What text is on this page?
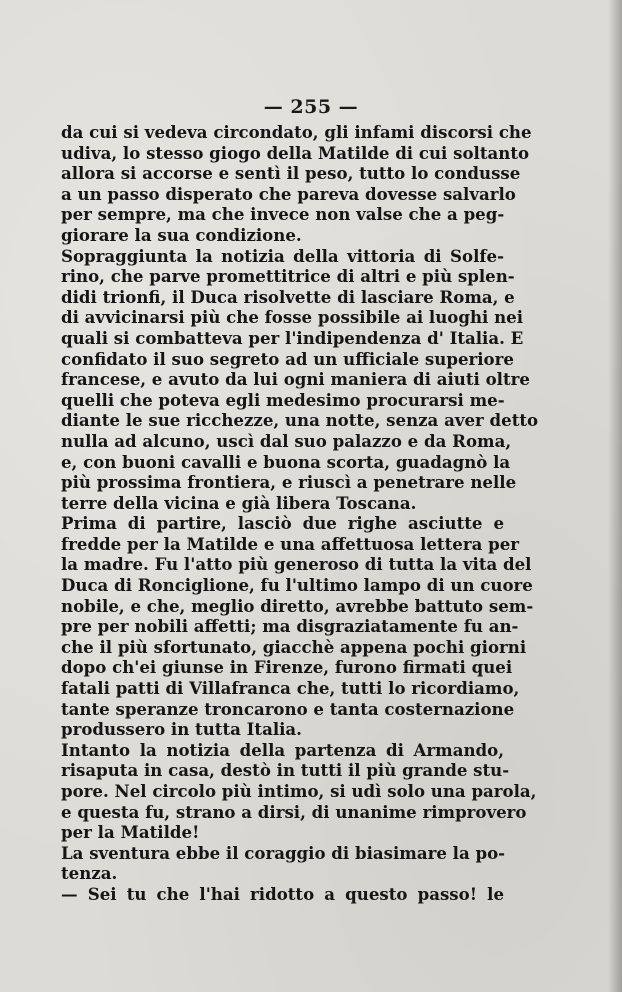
— 255 —
da cui si vedeva circondato, gli infami discorsi che
udiva, lo stesso giogo della Matilde di cui soltanto
allora si accorse e sentì il peso, tutto lo condusse
a un passo disperato che pareva dovesse salvarlo
per sempre, ma che invece non valse che a peg-
giorare la sua condizione.
Sopraggiunta la notizia della vittoria di Solfe-
rino, che parve promettitrice di altri e più splen-
didi trionfi, il Duca risolvette di lasciare Roma, e
di avvicinarsi più che fosse possibile ai luoghi nei
quali si combatteva per l'indipendenza d' Italia. E
confidato il suo segreto ad un ufficiale superiore
francese, e avuto da lui ogni maniera di aiuti oltre
quelli che poteva egli medesimo procurarsi me-
diante le sue ricchezze, una notte, senza aver detto
nulla ad alcuno, uscì dal suo palazzo e da Roma,
e, con buoni cavalli e buona scorta, guadagnò la
più prossima frontiera, e riuscì a penetrare nelle
terre della vicina e già libera Toscana.
Prima di partire, lasciò due righe asciutte e
fredde per la Matilde e una affettuosa lettera per
la madre. Fu l'atto più generoso di tutta la vita del
Duca di Ronciglione, fu l'ultimo lampo di un cuore
nobile, e che, meglio diretto, avrebbe battuto sem-
pre per nobili affetti; ma disgraziatamente fu an-
che il più sfortunato, giacchè appena pochi giorni
dopo ch'ei giunse in Firenze, furono firmati quei
fatali patti di Villafranca che, tutti lo ricordiamo,
tante speranze troncarono e tanta costernazione
produssero in tutta Italia.
Intanto la notizia della partenza di Armando,
risaputa in casa, destò in tutti il più grande stu-
pore. Nel circolo più intimo, si udì solo una parola,
e questa fu, strano a dirsi, di unanime rimprovero
per la Matilde!
La sventura ebbe il coraggio di biasimare la po-
tenza.
— Sei tu che l'hai ridotto a questo passo! le
